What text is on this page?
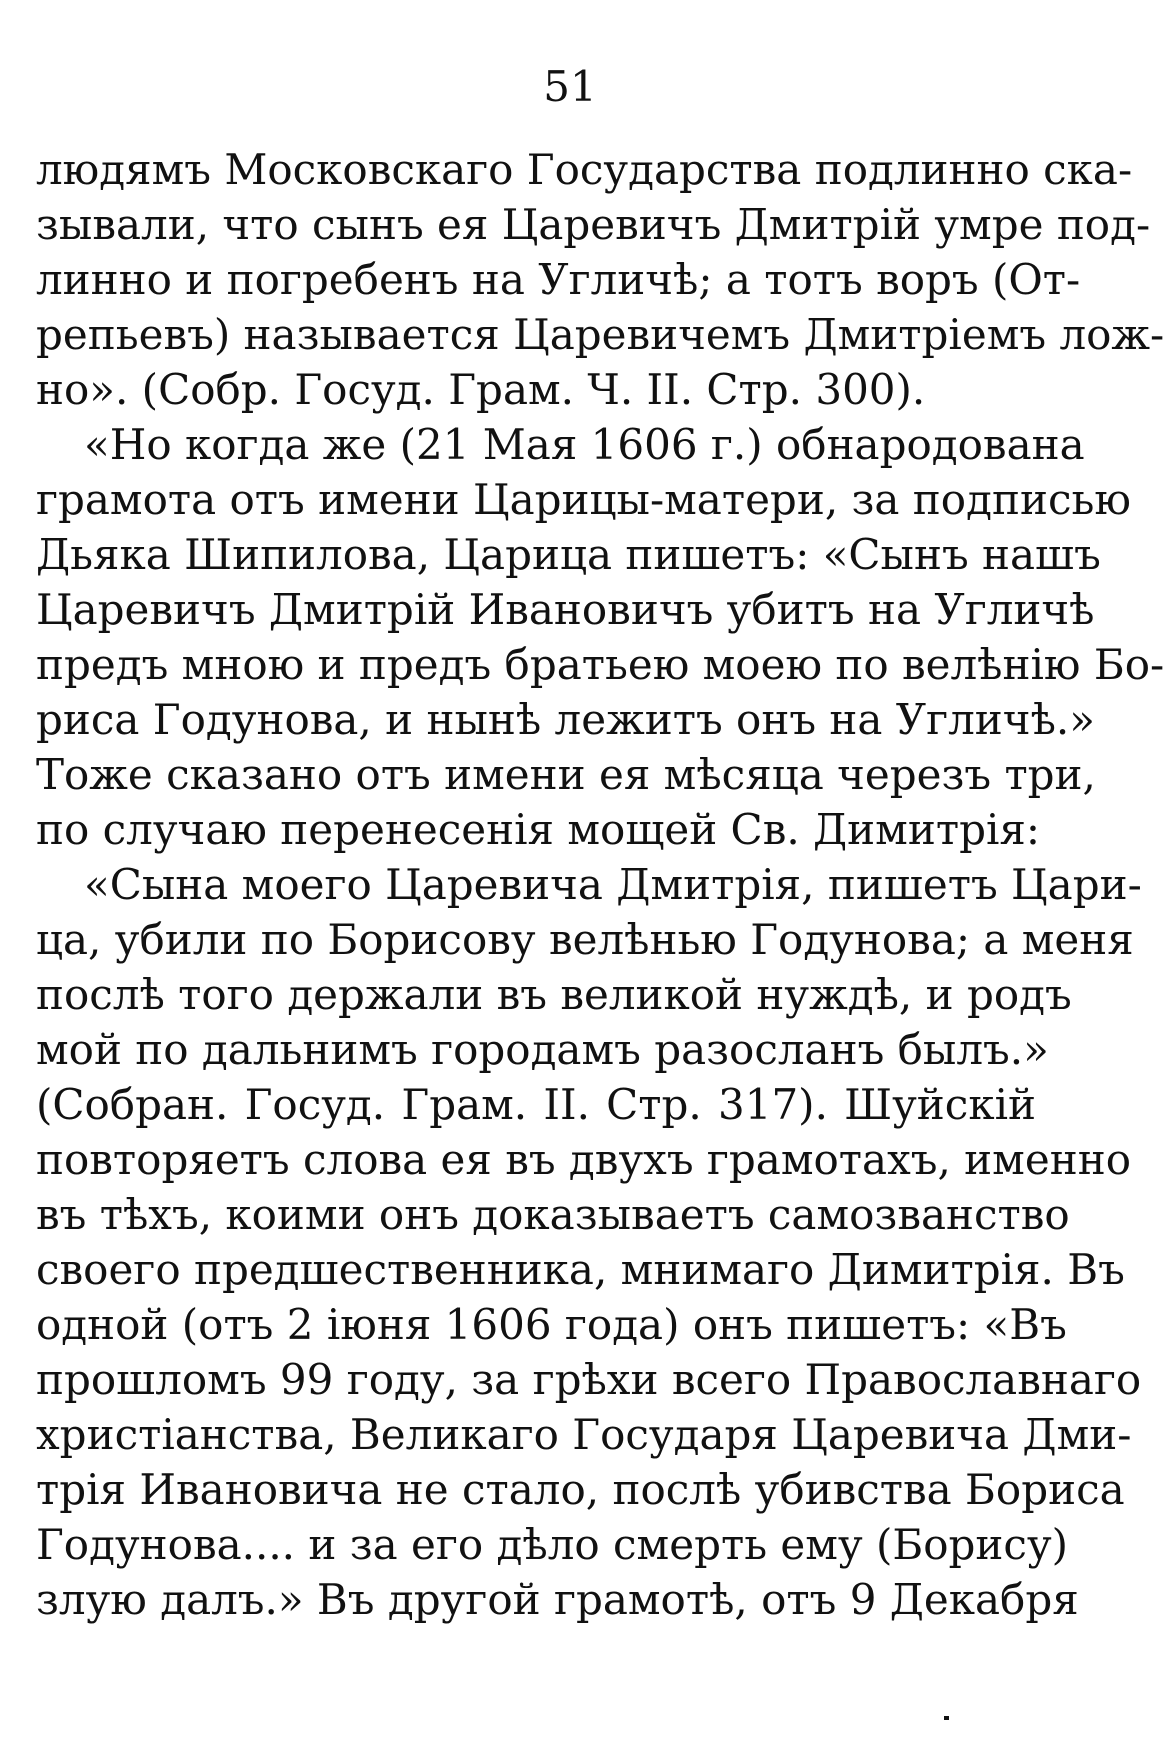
51
людямъ Московскаго Государства подлинно ска-
зывали, что сынъ ея Царевичъ Дмитрій умре под-
линно и погребенъ на Угличѣ; а тотъ воръ (От-
репьевъ) называется Царевичемъ Дмитріемъ лож-
но». (Собр. Госуд. Грам. Ч. II. Стр. 300).
«Но когда же (21 Мая 1606 г.) обнародована
грамота отъ имени Царицы-матери, за подписью
Дьяка Шипилова, Царица пишетъ: «Сынъ нашъ
Царевичъ Дмитрій Ивановичъ убитъ на Угличѣ
предъ мною и предъ братьею моею по велѣнію Бо-
риса Годунова, и нынѣ лежитъ онъ на Угличѣ.»
Тоже сказано отъ имени ея мѣсяца черезъ три,
по случаю перенесенія мощей Св. Димитрія:
«Сына моего Царевича Дмитрія, пишетъ Цари-
ца, убили по Борисову велѣнью Годунова; а меня
послѣ того держали въ великой нуждѣ, и родъ
мой по дальнимъ городамъ разосланъ былъ.»
(Собран. Госуд. Грам. II. Стр. 317). Шуйскій
повторяетъ слова ея въ двухъ грамотахъ, именно
въ тѣхъ, коими онъ доказываетъ самозванство
своего предшественника, мнимаго Димитрія. Въ
одной (отъ 2 іюня 1606 года) онъ пишетъ: «Въ
прошломъ 99 году, за грѣхи всего Православнаго
христіанства, Великаго Государя Царевича Дми-
трія Ивановича не стало, послѣ убивства Бориса
Годунова.... и за его дѣло смерть ему (Борису)
злую далъ.» Въ другой грамотѣ, отъ 9 Декабря
